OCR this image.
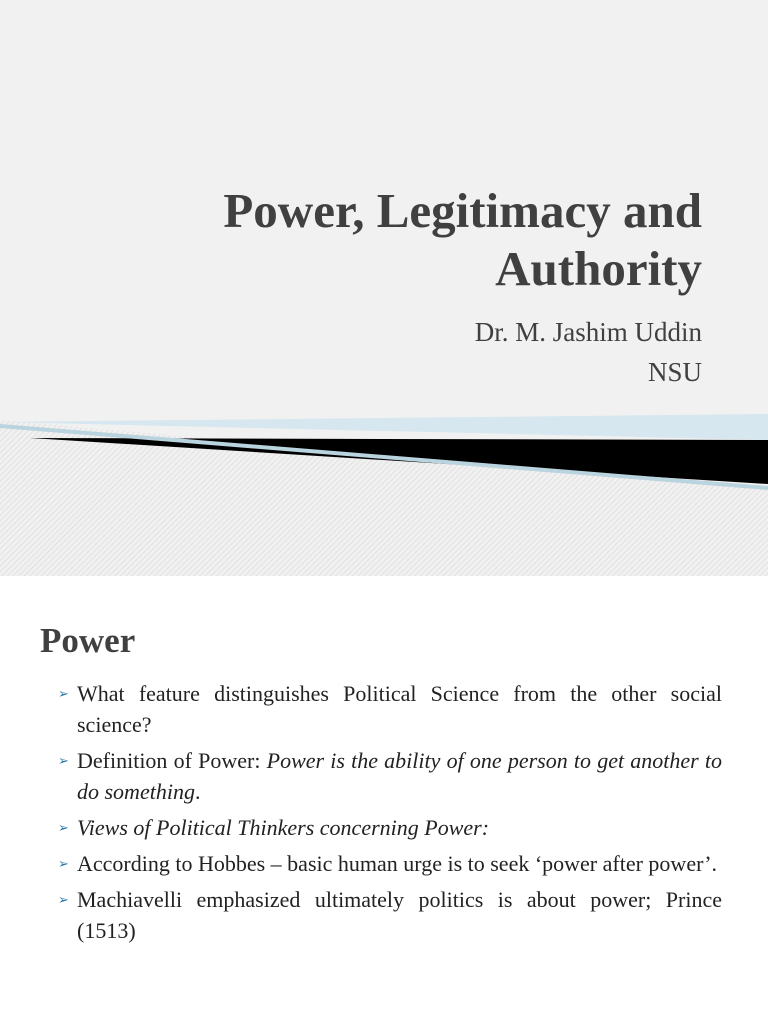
Power, Legitimacy and
Authority
Dr. M. Jashim Uddin
NSU
Power
➢ What feature distinguishes Political Science from the other social science?
➢ Definition of Power: Power is the ability of one person to get another to do something.
➢ Views of Political Thinkers concerning Power:
➢ According to Hobbes – basic human urge is to seek ‘power after power’.
➢ Machiavelli emphasized ultimately politics is about power; Prince (1513)
